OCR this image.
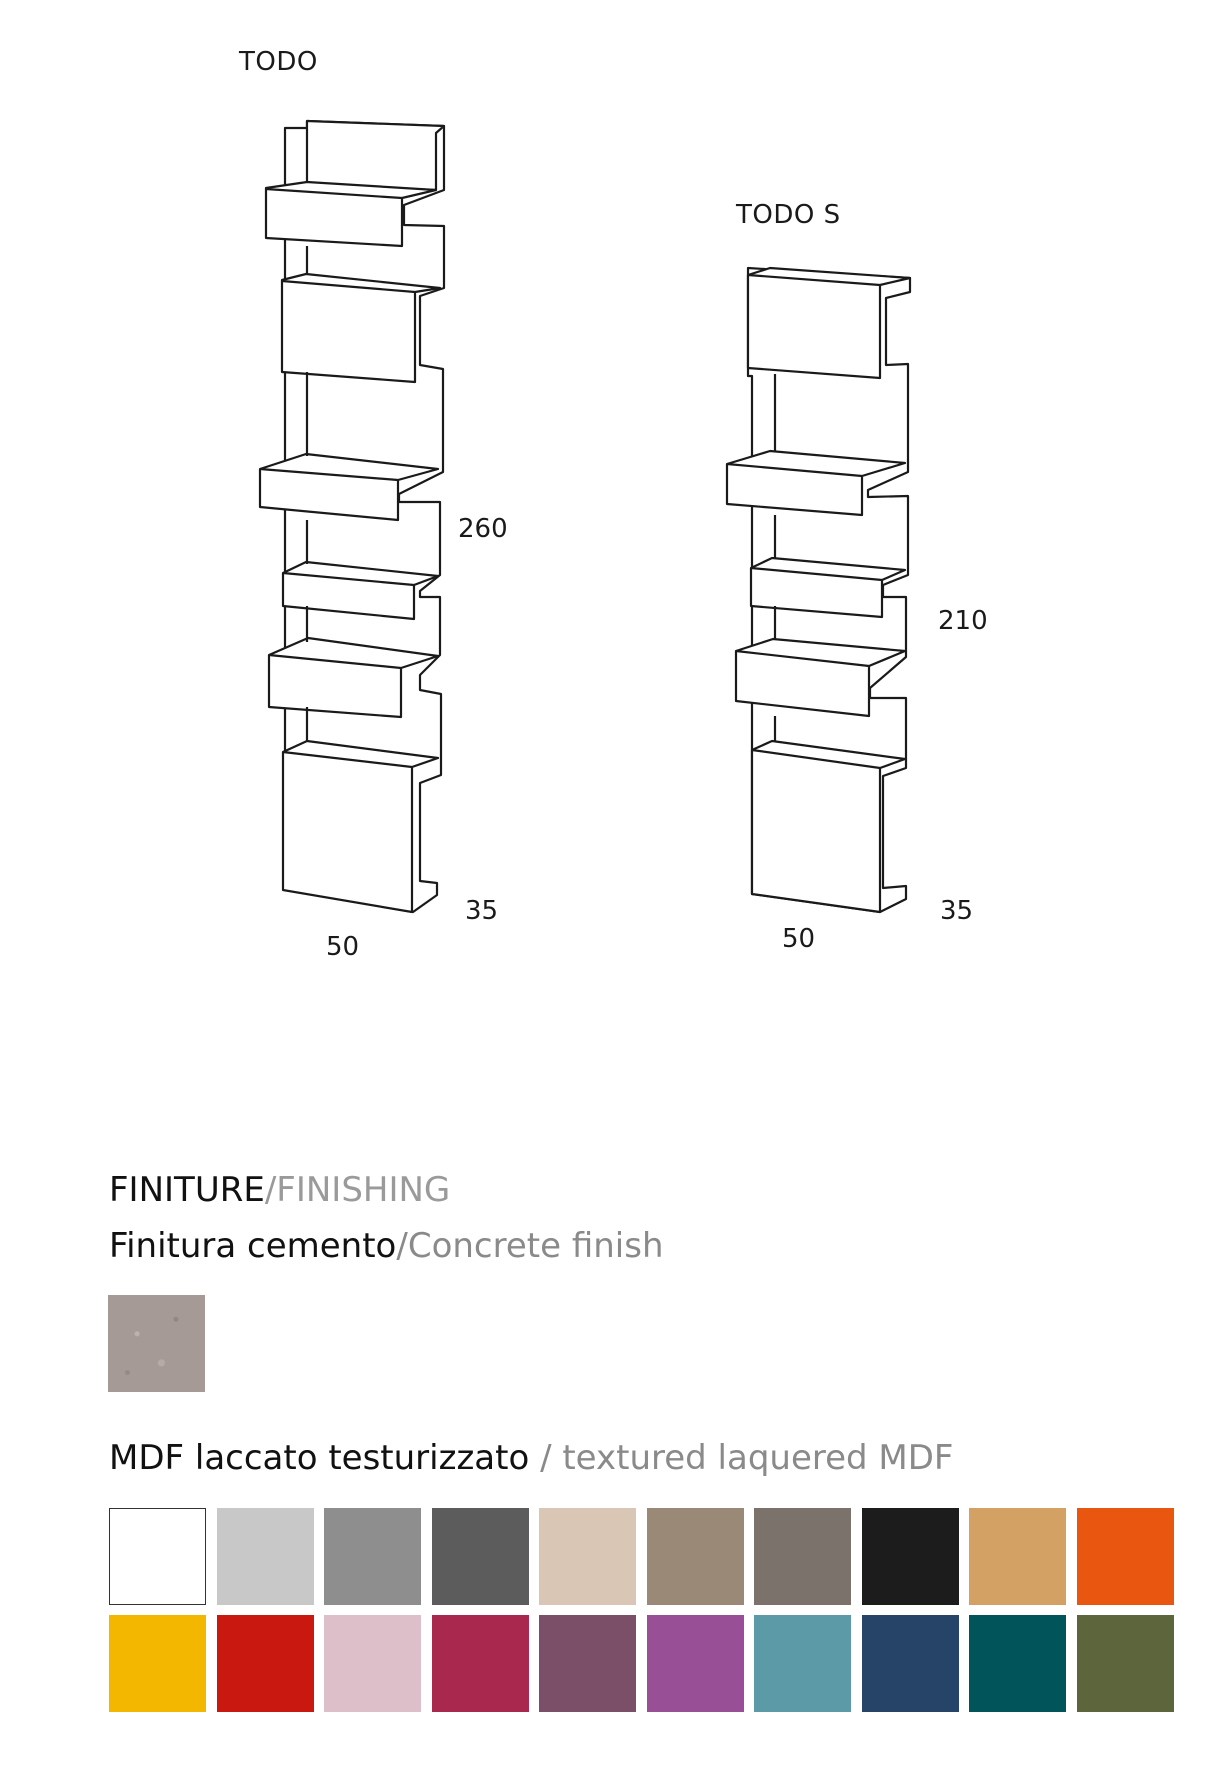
TODO
TODO S
260
35
50
210
35
50
FINITURE/FINISHING
Finitura cemento/Concrete finish
MDF laccato testurizzato / textured laquered MDF
